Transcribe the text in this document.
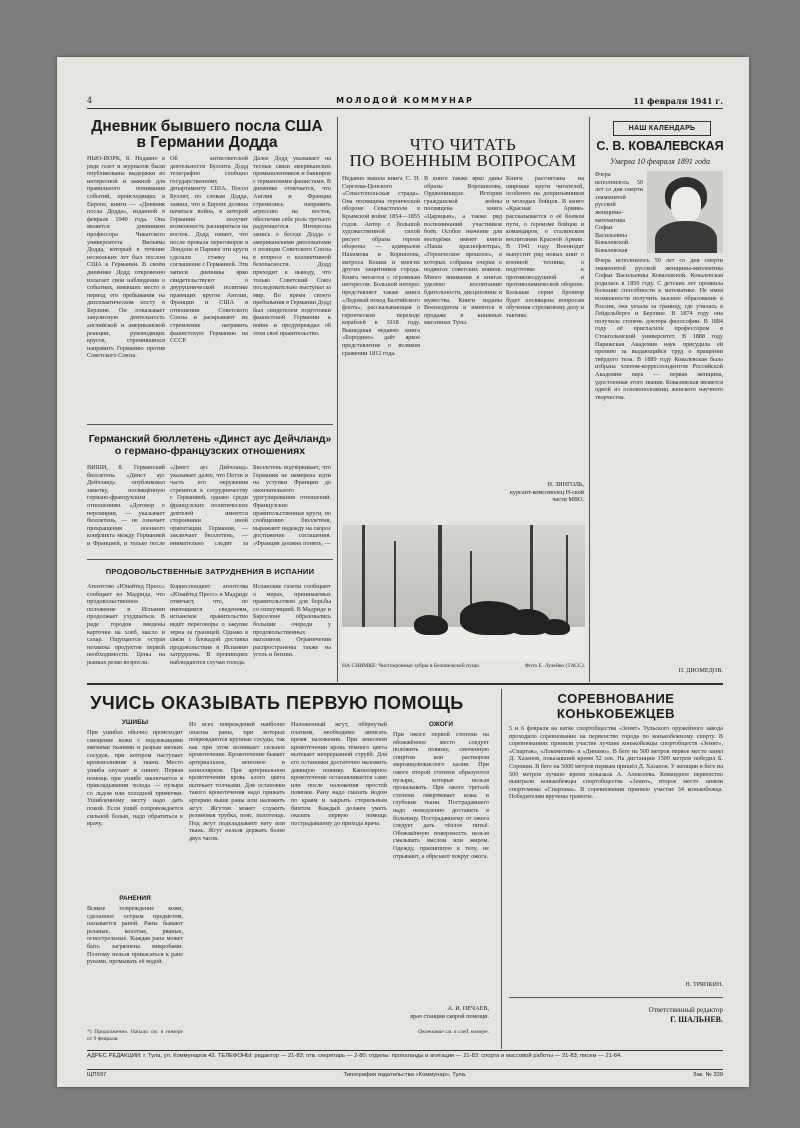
4	МОЛОДОЙ КОММУНАР	11 февраля 1941 г.
Дневник бывшего посла США
в Германии Додда
НЬЮ-ЙОРК, 8. Недавно в ряде газет и журналов были опубликованы выдержки из интересной и важной для правильного понимания событий, происходящих в Европе, книги — «Дневник посла Додда», изданной в феврале 1940 года. Она является дневником профессора Чикагского университета Вильяма Додда, который в течение нескольких лет был послом США в Германии. В своём дневнике Додд откровенно излагает свои наблюдения о событиях, имевших место в период его пребывания на дипломатическом посту в Берлине. Он показывает закулисную деятельность английской и американской реакции, руководящих кругов, стремившихся направить Германию против Советского Союза.
Об антисоветской деятельности Буллита Додд телеграфно сообщил государственному департаменту США. Посол Буллит, по словам Додда, заявил, что в Европе должна начаться война, в которой Германия получит возможность расширяться на восток. Додд пишет, что после провала переговоров в Лондоне и Париже эти круги сделали ставку на соглашение с Германией. Эти записи дневника ярко свидетельствуют о двурушнической политике правящих кругов Англии, Франции и США в отношении Советского Союза и раскрывают их стремление натравить фашистскую Германию на СССР.
Далее Додд указывает на тесные связи американских промышленников и банкиров с германскими фашистами. В дневнике отмечается, что Англия и Франция стремились направить агрессию на восток, обеспечив себе роль третьего радующегося. Интересна запись о беседе Додда с американскими дипломатами о позиции Советского Союза в вопросе о коллективной безопасности. Додд приходит к выводу, что только Советский Союз последовательно выступал за мир. Во время своего пребывания в Германии Додд был свидетелем подготовки фашистской Германии к войне и предупреждал об этом своё правительство.
Германский бюллетень «Динст аус Дейчланд»
о германо-французских отношениях
ВИШИ, 8. Германский бюллетень «Динст аус Дейчланд» опубликовал заметку, посвящённую германо-французским отношениям. «Договор о перемирии, — указывает бюллетень, — не означает прекращения военного конфликта между Германией и Францией, и только после
«Динст аус Дейчланд» указывает далее, что Петэн и часть его окружения стремятся к сотрудничеству с Германией, однако среди французских политических деятелей имеются сторонники иной ориентации. Германия, — заключает бюллетень, — внимательно следит за
Бюллетень подчёркивает, что Германия не намерена идти на уступки Франции до окончательного урегулирования отношений. Французские правительственные круги, по сообщению бюллетеня, выражают надежду на скорое достижение соглашения. «Франция должна понять, —
ПРОДОВОЛЬСТВЕННЫЕ ЗАТРУДНЕНИЯ В ИСПАНИИ
Агентство «Юнайтед Пресс» сообщает из Мадрида, что продовольственное положение в Испании продолжает ухудшаться. В ряде городов введены карточки на хлеб, масло и сахар. Ощущается острая нехватка продуктов первой необходимости. Цены на рынках резко возросли.
Корреспондент агентства «Юнайтед Пресс» в Мадриде отмечает, что, по имеющимся сведениям, испанское правительство ведёт переговоры о закупке зерна за границей. Однако в связи с блокадой доставка продовольствия в Испанию затруднена. В провинциях наблюдаются случаи голода.
Испанские газеты сообщают о мерах, принимаемых правительством для борьбы со спекуляцией. В Мадриде и Барселоне образовались большие очереди у продовольственных магазинов. Ограничения распространены также на уголь и бензин.
ЧТО ЧИТАТЬ
ПО ВОЕННЫМ ВОПРОСАМ
Недавно вышла книга С. Н. Сергеева-Ценского «Севастопольская страда». Она посвящена героической обороне Севастополя в Крымской войне 1854—1855 годов. Автор с большой художественной силой рисует образы героев обороны — адмиралов Нахимова и Корнилова, матроса Кошки и многих других защитников города. Книга читается с огромным интересом. Большой интерес представляет также книга «Ледовый поход Балтийского флота», рассказывающая о героическом переходе кораблей в 1918 году. Вышедшая недавно книга «Бородино» даёт яркое представление о великом сражении 1812 года.
В книге также ярко даны образы Ворошилова, Орджоникидзе. Истории гражданской войны посвящена книга «Царицын», а также ряд воспоминаний участников боёв. Особое значение для молодёжи имеют книги «Наши краснофлотцы», «Героическое прошлое», в которых собраны очерки о подвигах советских воинов. Много внимания в книгах уделено воспитанию бдительности, дисциплины и мужества. Книги изданы Воениздатом и имеются в продаже в книжных магазинах Тулы.
Книги рассчитаны на широкие круги читателей, особенно на допризывников и молодых бойцов. В книге «Красная Армия» рассказывается о её боевом пути, о героизме бойцов и командиров, о сталинском воспитании Красной Армии. В 1941 году Воениздат выпустит ряд новых книг о военной технике, о подготовке к противовоздушной и противохимической обороне. Большая серия брошюр будет посвящена вопросам обучения стрелковому делу и тактике.
Н. ЗИНГОЛЬ,
курсант-комсомолец Н-ской части МВО.
НА СНИМКЕ: Чистокровные зубры в Беловежской пуще.	Фото Е. Лузейко (ТАСС).
НАШ КАЛЕНДАРЬ
С. В. КОВАЛЕВСКАЯ
Умерла 10 февраля 1891 года
Вчера исполнилось 50 лет со дня смерти знаменитой русской женщины-математика Софьи Васильевны Ковалевской. Ковалевская
Вчера исполнилось 50 лет со дня смерти знаменитой русской женщины-математика Софьи Васильевны Ковалевской. Ковалевская родилась в 1850 году. С детских лет проявила большие способности к математике. Не имея возможности получить высшее образование в России, она уехала за границу, где училась в Гейдельберге и Берлине. В 1874 году она получила степень доктора философии. В 1884 году её пригласили профессором в Стокгольмский университет. В 1888 году Парижская Академия наук присудила ей премию за выдающийся труд о вращении твёрдого тела. В 1889 году Ковалевская была избрана членом-корреспондентом Российской Академии наук — первая женщина, удостоенная этого звания. Ковалевская является одной из основоположниц женского научного творчества.
П. ДИОМЕДОВ.
УЧИСЬ ОКАЗЫВАТЬ ПЕРВУЮ ПОМОЩЬ
УШИБЫ
При ушибах обычно происходит смещение кожи с подлежащими мягкими тканями и разрыв мелких сосудов, при котором наступает кровоизлияние в ткани. Место ушиба опухает и синеет. Первая помощь при ушибе заключается в прикладывании холода — пузыря со льдом или холодной примочки. Ушибленному месту надо дать покой. Если ушиб сопровождается сильной болью, надо обратиться к врачу.
РАНЕНИЯ
Всякое повреждение кожи, сделанное острым предметом, называется раной. Раны бывают резаные, колотые, рваные, огнестрельные. Каждая рана может быть загрязнена микробами. Поэтому нельзя прикасаться к ране руками, промывать её водой.
*) Продолжение. Начало см. в номере от 9 февраля.
Из всех повреждений наиболее опасны раны, при которых повреждаются крупные сосуды, так как при этом возникает сильное кровотечение. Кровотечение бывает артериальное, венозное и капиллярное. При артериальном кровотечении кровь алого цвета вытекает толчками. Для остановки такого кровотечения надо прижать артерию выше раны или наложить жгут. Жгутом может служить резиновая трубка, пояс, полотенце. Под жгут подкладывают вату или ткань. Жгут нельзя держать более двух часов.
Наложенный жгут, обёрнутый платком, необходимо записать время наложения. При венозном кровотечении кровь тёмного цвета вытекает непрерывной струёй. Для его остановки достаточно наложить давящую повязку. Капиллярное кровотечение останавливается само или после наложения простой повязки. Рану надо смазать йодом по краям и закрыть стерильным бинтом. Каждый должен уметь оказать первую помощь пострадавшему до прихода врача.
ОЖОГИ
При ожоге первой степени на обожжённое место следует положить повязку, смоченную спиртом или раствором марганцовокислого калия. При ожоге второй степени образуются пузыри, которые нельзя прокалывать. При ожоге третьей степени омертвевает кожа и глубокие ткани. Пострадавшего надо немедленно доставить в больницу. Пострадавшему от ожога следует дать тёплое питьё. Обожжённую поверхность нельзя смазывать маслом или жиром. Одежду, прилипшую к телу, не отрывают, а обрезают вокруг ожога.
А. И. ПЕЧАЕВ,
врач станции скорой помощи.
Окончание см. в след. номере.
СОРЕВНОВАНИЕ
КОНЬКОБЕЖЦЕВ
5 и 6 февраля на катке спортобщества «Зенит» Тульского оружейного завода проходило соревнование на первенство города по конькобежному спорту. В соревнованиях приняли участие лучшие конькобежцы спортобществ «Зенит», «Спартак», «Локомотив» и «Динамо». В беге на 500 метров первое место занял Д. Хазанов, показавший время 52 сек. На дистанции 1500 метров победил Б. Сорокин. В беге на 5000 метров первым пришёл Д. Хазанов. У женщин в беге на 500 метров лучшее время показала А. Алексеева. Командное первенство выиграли конькобежцы спортобщества «Зенит», второе место заняли спортсмены «Спартака». В соревновании приняло участие 34 конькобежца. Победителям вручены грамоты.
Н. ТРЯПКИН.
Ответственный редактор
Г. ШАЛЬНЕВ.
АДРЕС РЕДАКЦИИ: г. Тула, ул. Коммунаров 42. ТЕЛЕФОНЫ: редактор — 21-83; отв. секретарь — 2-80; отделы: пропаганды и агитации — 21-83; спорта и массовой работы — 21-83; писем — 21-84.
ЩП597	Типография издательства «Коммунар», Тула.	Зак. № 339
